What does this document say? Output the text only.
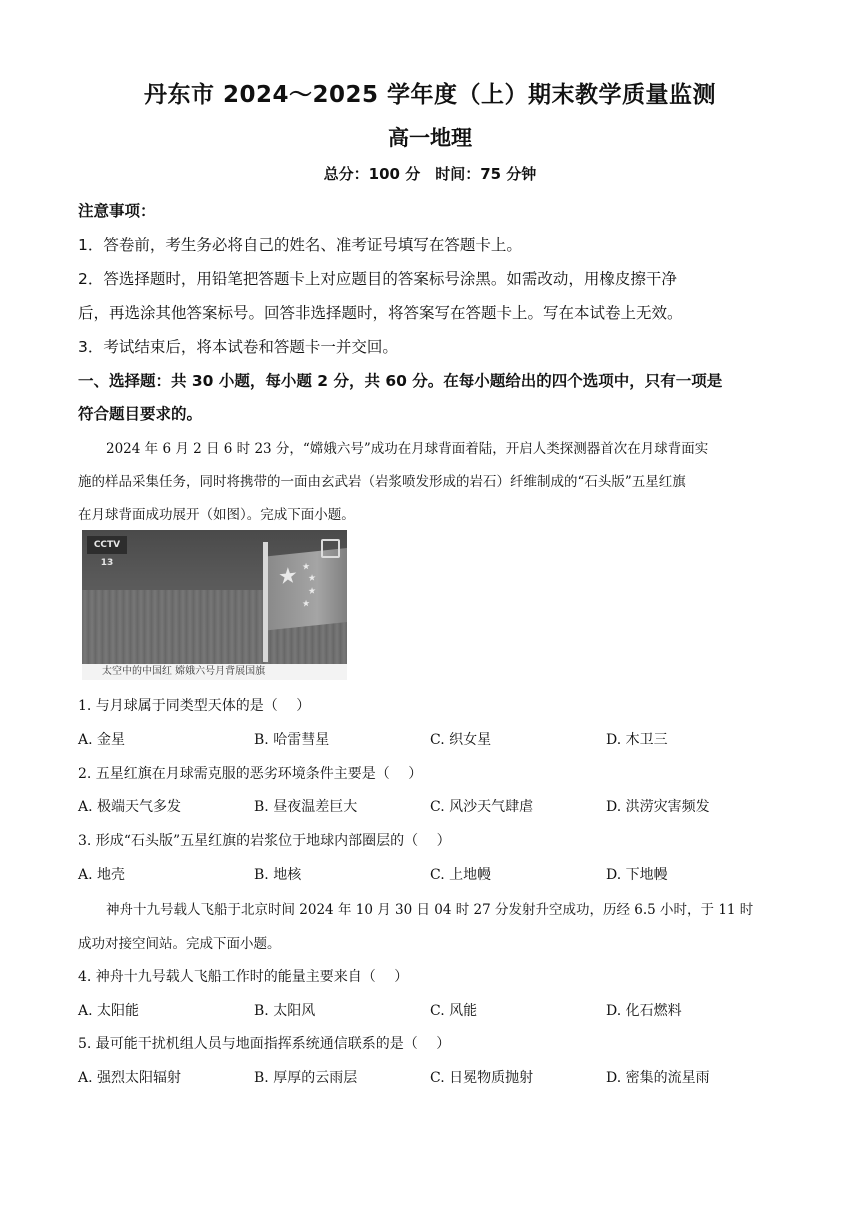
丹东市 2024～2025 学年度（上）期末教学质量监测
高一地理
总分：100 分　时间：75 分钟
注意事项：
1．答卷前，考生务必将自己的姓名、准考证号填写在答题卡上。
2．答选择题时，用铅笔把答题卡上对应题目的答案标号涂黑。如需改动，用橡皮擦干净
后，再选涂其他答案标号。回答非选择题时，将答案写在答题卡上。写在本试卷上无效。
3．考试结束后，将本试卷和答题卡一并交回。
一、选择题：共 30 小题，每小题 2 分，共 60 分。在每小题给出的四个选项中，只有一项是
符合题目要求的。
2024 年 6 月 2 日 6 时 23 分，“嫦娥六号”成功在月球背面着陆，开启人类探测器首次在月球背面实
施的样品采集任务，同时将携带的一面由玄武岩（岩浆喷发形成的岩石）纤维制成的“石头版”五星红旗
在月球背面成功展开（如图）。完成下面小题。
★ ★
★
★
★
CCTV 13
太空中的中国红 嫦娥六号月背展国旗
1. 与月球属于同类型天体的是（　 ）
A. 金星	B. 哈雷彗星	C. 织女星	D. 木卫三
2. 五星红旗在月球需克服的恶劣环境条件主要是（　 ）
A. 极端天气多发	B. 昼夜温差巨大	C. 风沙天气肆虐	D. 洪涝灾害频发
3. 形成“石头版”五星红旗的岩浆位于地球内部圈层的（　 ）
A. 地壳	B. 地核	C. 上地幔	D. 下地幔
神舟十九号载人飞船于北京时间 2024 年 10 月 30 日 04 时 27 分发射升空成功，历经 6.5 小时，于 11 时
成功对接空间站。完成下面小题。
4. 神舟十九号载人飞船工作时的能量主要来自（　 ）
A. 太阳能	B. 太阳风	C. 风能	D. 化石燃料
5. 最可能干扰机组人员与地面指挥系统通信联系的是（　 ）
A. 强烈太阳辐射	B. 厚厚的云雨层	C. 日冕物质抛射	D. 密集的流星雨
